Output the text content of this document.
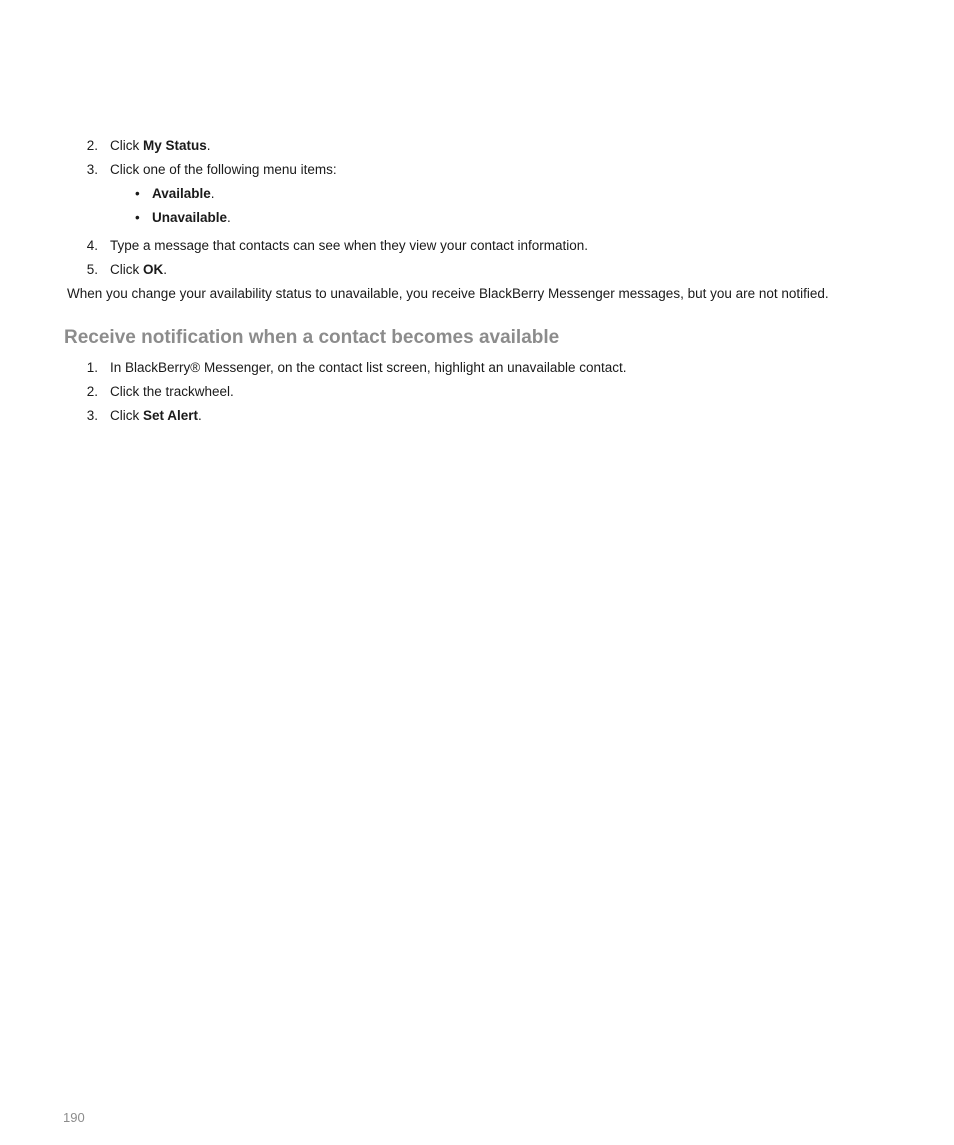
2. Click My Status.
3. Click one of the following menu items:
• Available.
• Unavailable.
4. Type a message that contacts can see when they view your contact information.
5. Click OK.
When you change your availability status to unavailable, you receive BlackBerry Messenger messages, but you are not notified.
Receive notification when a contact becomes available
1. In BlackBerry® Messenger, on the contact list screen, highlight an unavailable contact.
2. Click the trackwheel.
3. Click Set Alert.
190
